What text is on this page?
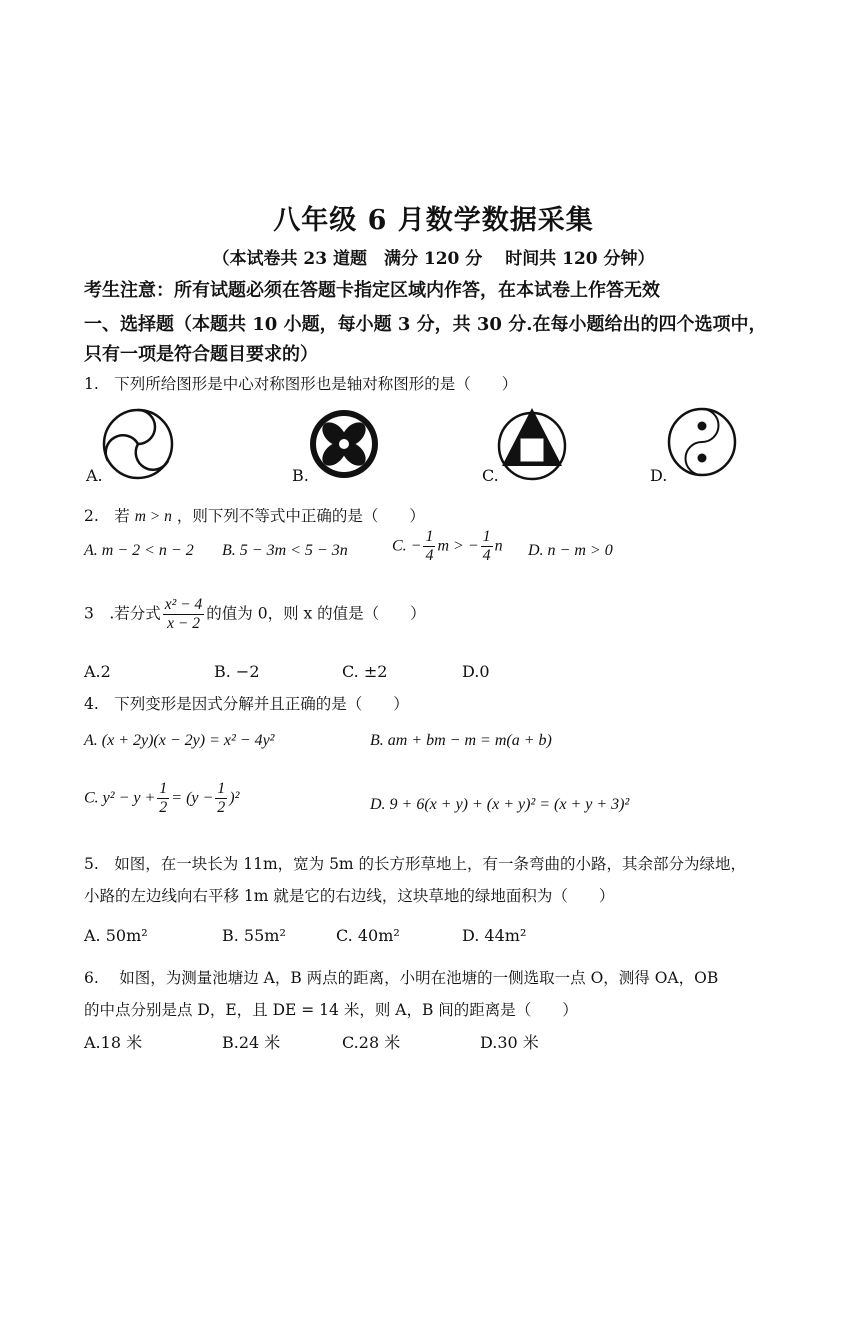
八年级 6 月数学数据采集
（本试卷共 23 道题　满分 120 分　 时间共 120 分钟）
考生注意：所有试题必须在答题卡指定区域内作答，在本试卷上作答无效
一、选择题（本题共 10 小题，每小题 3 分，共 30 分.在每小题给出的四个选项中，
只有一项是符合题目要求的）
1.　下列所给图形是中心对称图形也是轴对称图形的是（　　）
A.	B.	C.	D.
2.　若 m > n ，则下列不等式中正确的是（　　）
A. m − 2 < n − 2 B. 5 − 3m < 5 − 3n	C. − $\frac{1}{4}$ m > − $\frac{1}{4}$ n D. n − m > 0
3　.若分式 $\frac{\text{x² − 4}}{x - 2}$ 的值为 0，则 x 的值是（　　）
A.2	B. −2	C. ±2	D.0
4.　下列变形是因式分解并且正确的是（　　）
A. (x + 2y)(x − 2y) = x² − 4y²	B. am + bm − m = m(a + b)
C. $y^2 - y + \frac{1}{2} = (y - \frac{1}{2} )^2$	D. 9 + 6(x + y) + (x + y)² = (x + y + 3)²
5.　如图，在一块长为 11m，宽为 5m 的长方形草地上，有一条弯曲的小路，其余部分为绿地，
小路的左边线向右平移 1m 就是它的右边线，这块草地的绿地面积为（　　）
A. 50m²	B. 55m²	C. 40m²	D. 44m²
6.　 如图，为测量池塘边 A，B 两点的距离，小明在池塘的一侧选取一点 O，测得 OA，OB
的中点分别是点 D，E，且 DE = 14 米，则 A，B 间的距离是（　　）
A.18 米	B.24 米	C.28 米	D.30 米
